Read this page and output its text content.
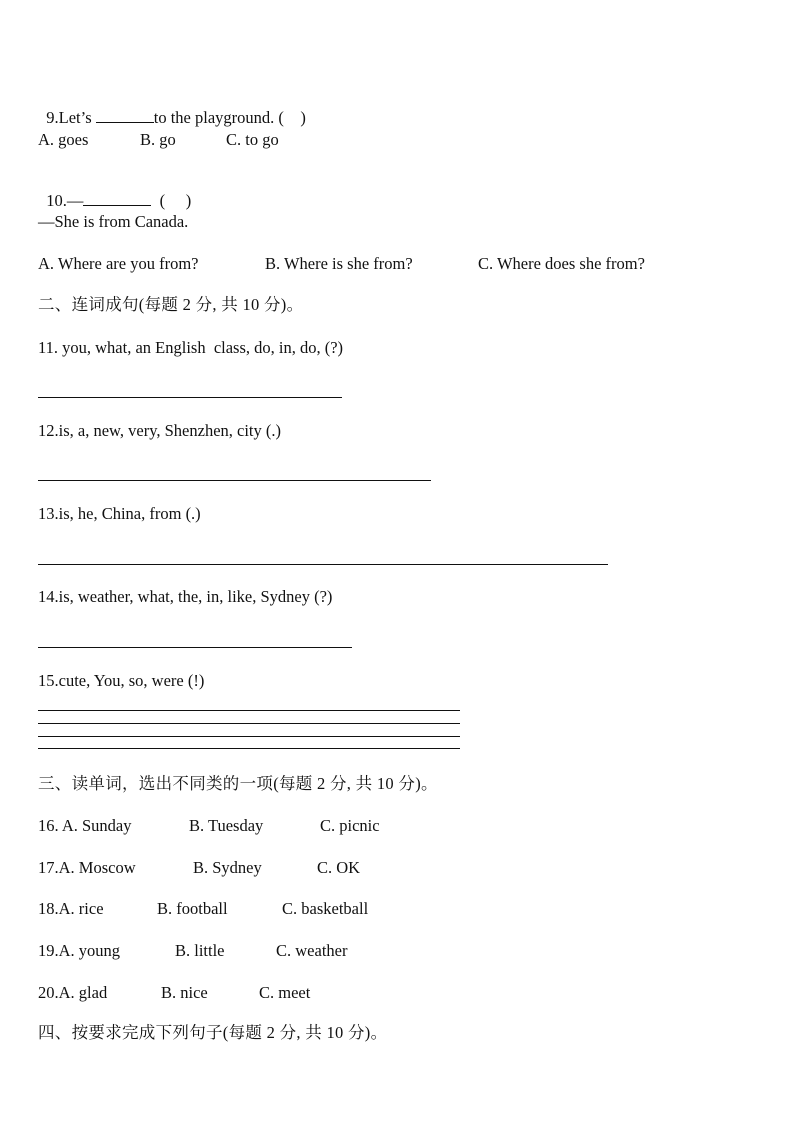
9.Let’s	to the playground. (    )

A. goes	B. go	C. to go

10.—	(     )

—She is from Canada.
A. Where are you from?	B. Where is she from?	C. Where does she from?
二、连词成句(每题 2 分, 共 10 分)。
11. you, what, an English  class, do, in, do, (?)
12.is, a, new, very, Shenzhen, city (.)
13.is, he, China, from (.)
14.is, weather, what, the, in, like, Sydney (?)
15.cute, You, so, were (!)
三、读单词，选出不同类的一项(每题 2 分, 共 10 分)。
16. A. Sunday	B. Tuesday	C. picnic
17.A. Moscow	B. Sydney	C. OK
18.A. rice	B. football	C. basketball
19.A. young	B. little	C. weather
20.A. glad	B. nice	C. meet
四、按要求完成下列句子(每题 2 分, 共 10 分)。
